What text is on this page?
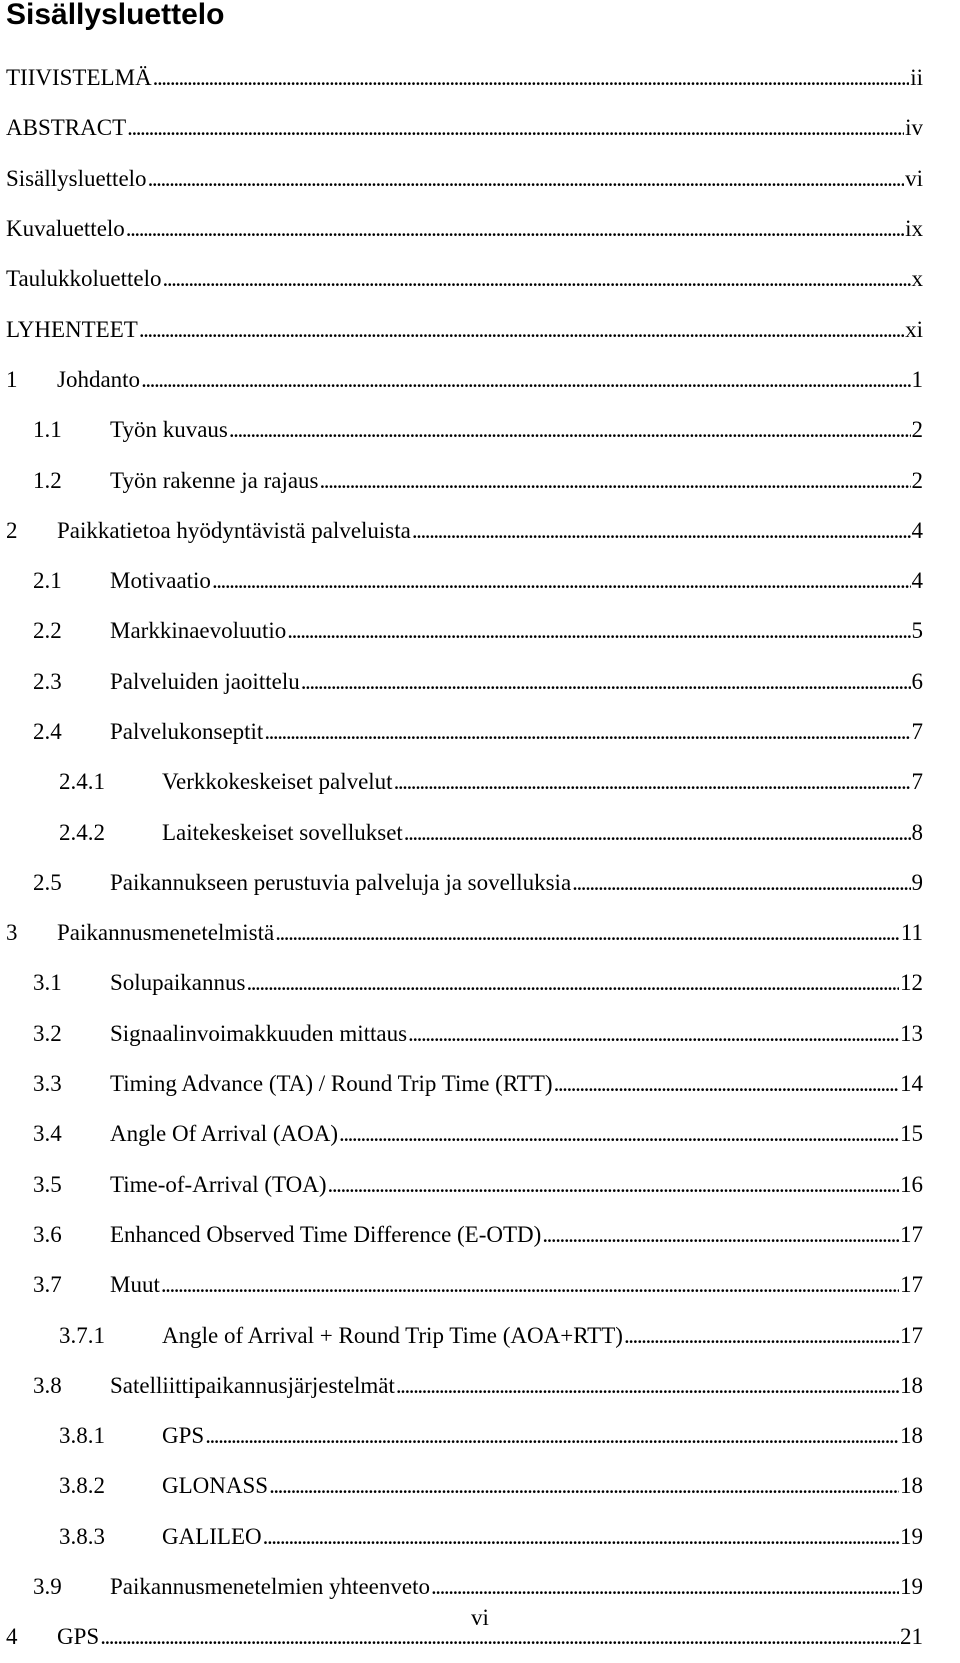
Sisällysluettelo
TIIVISTELMÄ . . .	ii
ABSTRACT . . .	iv
Sisällysluettelo . . .	vi
Kuvaluettelo . . .	ix
Taulukkoluettelo . . .	x
LYHENTEET . . .	xi
1	Johdanto . . .	1
1.1	Työn kuvaus . . .	2
1.2	Työn rakenne ja rajaus . . .	2
2	Paikkatietoa hyödyntävistä palveluista . . .	4
2.1	Motivaatio . . .	4
2.2	Markkinaevoluutio . . .	5
2.3	Palveluiden jaoittelu . . .	6
2.4	Palvelukonseptit . . .	7
2.4.1	Verkkokeskeiset palvelut . . .	7
2.4.2	Laitekeskeiset sovellukset . . .	8
2.5	Paikannukseen perustuvia palveluja ja sovelluksia . . .	9
3	Paikannusmenetelmistä . . .	11
3.1	Solupaikannus . . .	12
3.2	Signaalinvoimakkuuden mittaus . . .	13
3.3	Timing Advance (TA) / Round Trip Time (RTT) . . .	14
3.4	Angle Of Arrival (AOA) . . .	15
3.5	Time-of-Arrival (TOA) . . .	16
3.6	Enhanced Observed Time Difference (E-OTD) . . .	17
3.7	Muut . . .	17
3.7.1	Angle of Arrival + Round Trip Time (AOA+RTT) . . .	17
3.8	Satelliittipaikannusjärjestelmät . . .	18
3.8.1	GPS . . .	18
3.8.2	GLONASS . . .	18
3.8.3	GALILEO . . .	19
3.9	Paikannusmenetelmien yhteenveto . . .	19
4	GPS . . .	21
vi
